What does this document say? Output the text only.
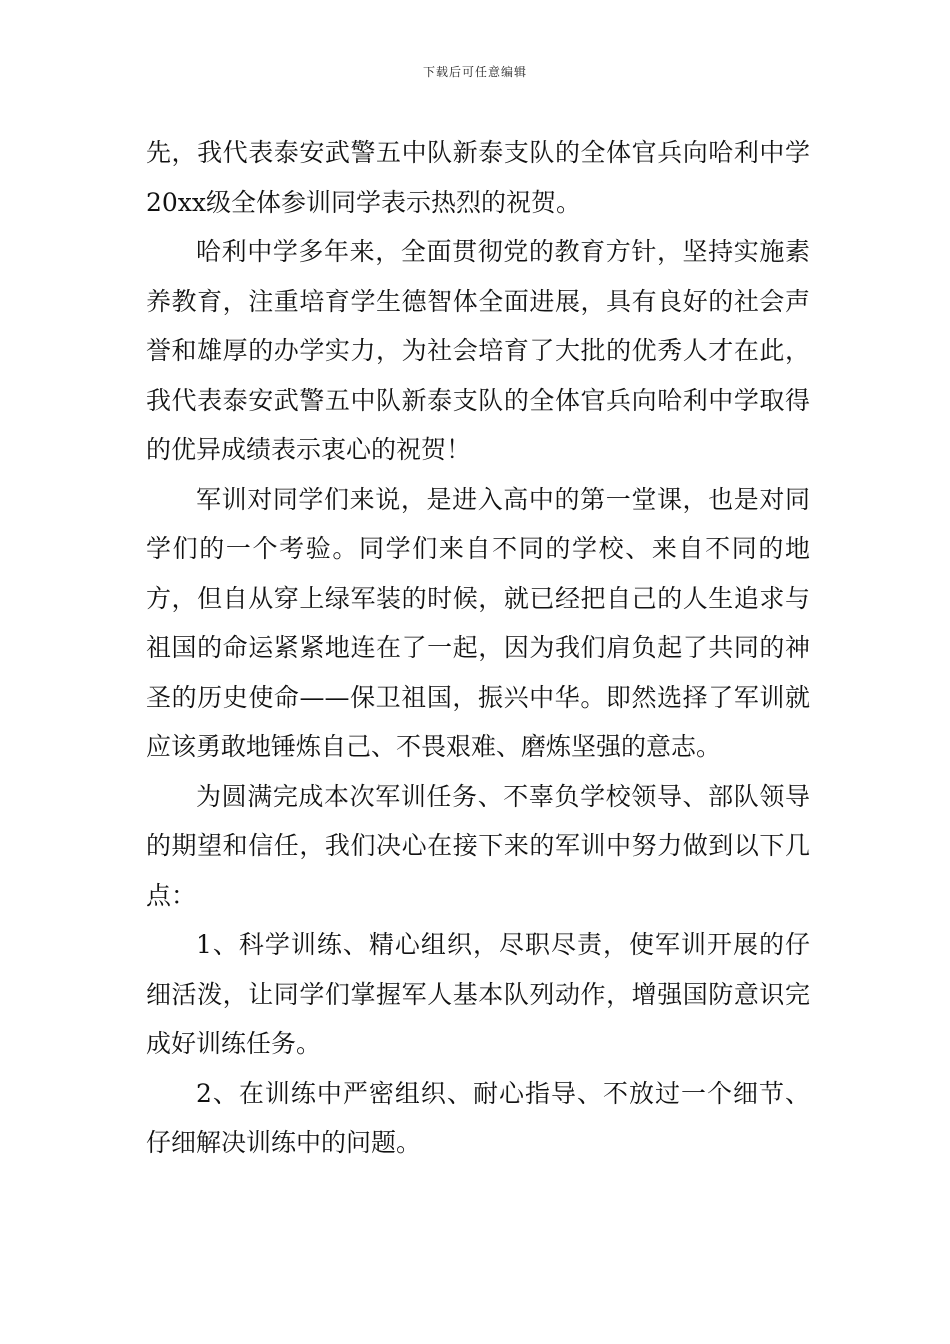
下载后可任意编辑

先，我代表泰安武警五中队新泰支队的全体官兵向哈利中学20xx级全体参训同学表示热烈的祝贺。

哈利中学多年来，全面贯彻党的教育方针，坚持实施素养教育，注重培育学生德智体全面进展，具有良好的社会声誉和雄厚的办学实力，为社会培育了大批的优秀人才在此，我代表泰安武警五中队新泰支队的全体官兵向哈利中学取得的优异成绩表示衷心的祝贺！

军训对同学们来说，是进入高中的第一堂课，也是对同学们的一个考验。同学们来自不同的学校、来自不同的地方，但自从穿上绿军装的时候，就已经把自己的人生追求与祖国的命运紧紧地连在了一起，因为我们肩负起了共同的神圣的历史使命——保卫祖国，振兴中华。即然选择了军训就应该勇敢地锤炼自己、不畏艰难、磨炼坚强的意志。

为圆满完成本次军训任务、不辜负学校领导、部队领导的期望和信任，我们决心在接下来的军训中努力做到以下几点：

1、科学训练、精心组织，尽职尽责，使军训开展的仔细活泼，让同学们掌握军人基本队列动作，增强国防意识完成好训练任务。

2、在训练中严密组织、耐心指导、不放过一个细节、仔细解决训练中的问题。
